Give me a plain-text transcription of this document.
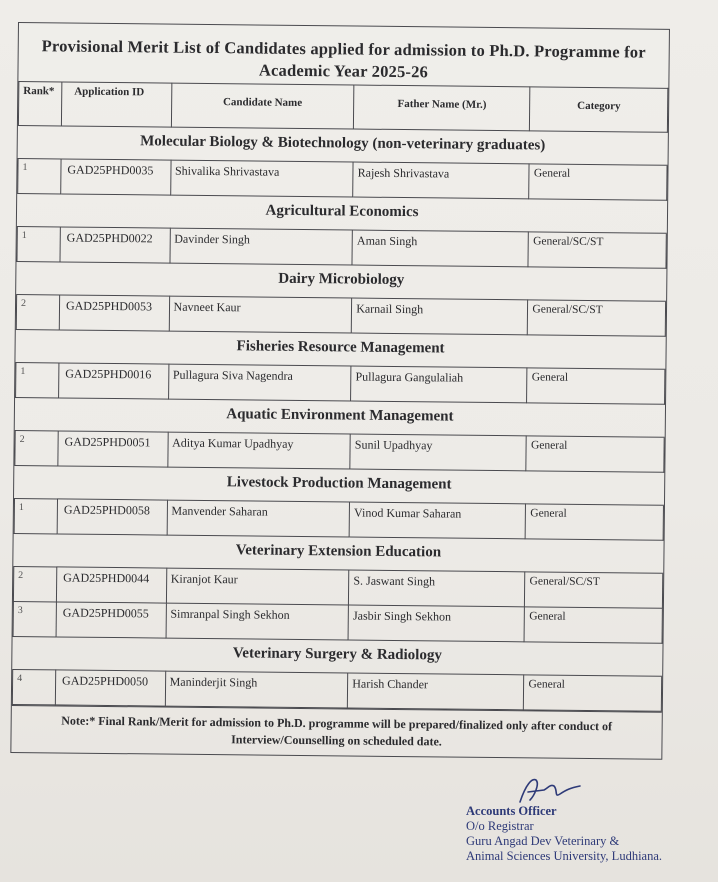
Provisional Merit List of Candidates applied for admission to Ph.D. Programme for Academic Year 2025-26
Rank*	Application ID	Candidate Name	Father Name (Mr.)	Category
Molecular Biology & Biotechnology (non-veterinary graduates)				
1	GAD25PHD0035	Shivalika Shrivastava	Rajesh Shrivastava	General
Agricultural Economics				
1	GAD25PHD0022	Davinder Singh	Aman Singh	General/SC/ST
Dairy Microbiology				
2	GAD25PHD0053	Navneet Kaur	Karnail Singh	General/SC/ST
Fisheries Resource Management				
1	GAD25PHD0016	Pullagura Siva Nagendra	Pullagura Gangulaliah	General
Aquatic Environment Management				
2	GAD25PHD0051	Aditya Kumar Upadhyay	Sunil Upadhyay	General
Livestock Production Management				
1	GAD25PHD0058	Manvender Saharan	Vinod Kumar Saharan	General
Veterinary Extension Education				
2	GAD25PHD0044	Kiranjot Kaur	S. Jaswant Singh	General/SC/ST
3	GAD25PHD0055	Simranpal Singh Sekhon	Jasbir Singh Sekhon	General
Veterinary Surgery & Radiology				
4	GAD25PHD0050	Maninderjit Singh	Harish Chander	General
Note:* Final Rank/Merit for admission to Ph.D. programme will be prepared/finalized only after conduct of Interview/Counselling on scheduled date.
Accounts Officer
O/o Registrar
Guru Angad Dev Veterinary &
Animal Sciences University, Ludhiana.
